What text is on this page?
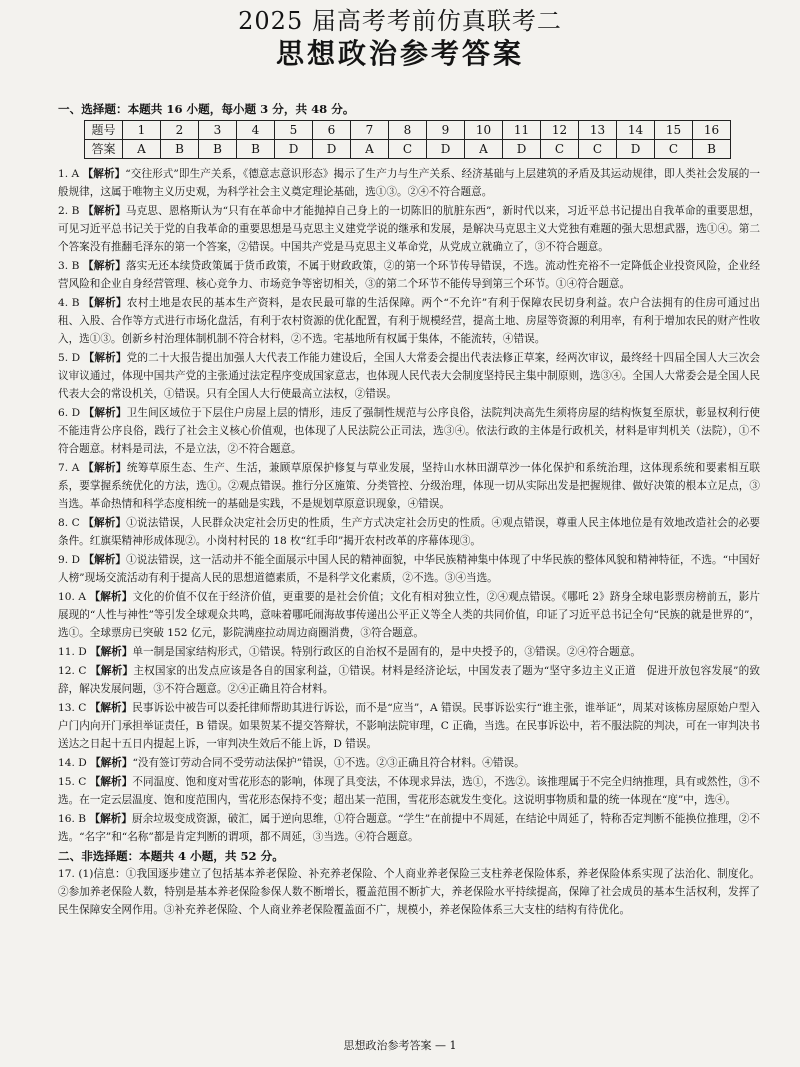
2025 届高考考前仿真联考二
思想政治参考答案

一、选择题：本题共 16 小题，每小题 3 分，共 48 分。

题号	1	2	3	4	5	6	7	8	9	10	11	12	13	14	15	16
答案	A	B	B	B	D	D	A	C	D	A	D	C	C	D	C	B

1. A 【解析】“交往形式”即生产关系，《德意志意识形态》揭示了生产力与生产关系、经济基础与上层建筑的矛盾及其运动规律，即人类社会发展的一般规律，这属于唯物主义历史观，为科学社会主义奠定理论基础，选①③。②④不符合题意。

2. B 【解析】马克思、恩格斯认为“只有在革命中才能抛掉自己身上的一切陈旧的肮脏东西”，新时代以来，习近平总书记提出自我革命的重要思想，可见习近平总书记关于党的自我革命的重要思想是马克思主义建党学说的继承和发展，是解决马克思主义大党独有难题的强大思想武器，选①④。第二个答案没有推翻毛泽东的第一个答案，②错误。中国共产党是马克思主义革命党，从党成立就确立了，③不符合题意。

3. B 【解析】落实无还本续贷政策属于货币政策，不属于财政政策，②的第一个环节传导错误，不选。流动性充裕不一定降低企业投资风险，企业经营风险和企业自身经营管理、核心竞争力、市场竞争等密切相关，③的第二个环节不能传导到第三个环节。①④符合题意。

4. B 【解析】农村土地是农民的基本生产资料，是农民最可靠的生活保障。两个“不允许”有利于保障农民切身利益。农户合法拥有的住房可通过出租、入股、合作等方式进行市场化盘活，有利于农村资源的优化配置，有利于规模经营，提高土地、房屋等资源的利用率，有利于增加农民的财产性收入，选①③。创新乡村治理体制机制不符合材料，②不选。宅基地所有权属于集体，不能流转，④错误。

5. D 【解析】党的二十大报告提出加强人大代表工作能力建设后，全国人大常委会提出代表法修正草案，经两次审议，最终经十四届全国人大三次会议审议通过，体现中国共产党的主张通过法定程序变成国家意志，也体现人民代表大会制度坚持民主集中制原则，选③④。全国人大常委会是全国人民代表大会的常设机关，①错误。只有全国人大行使最高立法权，②错误。

6. D 【解析】卫生间区域位于下层住户房屋上层的情形，违反了强制性规范与公序良俗，法院判决高先生须将房屋的结构恢复至原状，彰显权利行使不能违背公序良俗，践行了社会主义核心价值观，也体现了人民法院公正司法，选③④。依法行政的主体是行政机关，材料是审判机关（法院），①不符合题意。材料是司法，不是立法，②不符合题意。

7. A 【解析】统筹草原生态、生产、生活，兼顾草原保护修复与草业发展，坚持山水林田湖草沙一体化保护和系统治理，这体现系统和要素相互联系，要掌握系统优化的方法，选①。②观点错误。推行分区施策、分类管控、分级治理，体现一切从实际出发是把握规律、做好决策的根本立足点，③当选。革命热情和科学态度相统一的基础是实践，不是规划草原意识现象，④错误。

8. C 【解析】①说法错误，人民群众决定社会历史的性质，生产方式决定社会历史的性质。④观点错误，尊重人民主体地位是有效地改造社会的必要条件。红旗渠精神形成体现②。小岗村村民的 18 枚“红手印”揭开农村改革的序幕体现③。

9. D 【解析】①说法错误，这一活动并不能全面展示中国人民的精神面貌，中华民族精神集中体现了中华民族的整体风貌和精神特征，不选。“中国好人榜”现场交流活动有利于提高人民的思想道德素质，不是科学文化素质，②不选。③④当选。

10. A 【解析】文化的价值不仅在于经济价值，更重要的是社会价值；文化有相对独立性，②④观点错误。《哪吒 2》跻身全球电影票房榜前五，影片展现的“人性与神性”等引发全球观众共鸣，意味着哪吒闹海故事传递出公平正义等全人类的共同价值，印证了习近平总书记全句“民族的就是世界的”，选①。全球票房已突破 152 亿元，影院满座拉动周边商圈消费，③符合题意。

11. D 【解析】单一制是国家结构形式，①错误。特别行政区的自治权不是固有的，是中央授予的，③错误。②④符合题意。

12. C 【解析】主权国家的出发点应该是各自的国家利益，①错误。材料是经济论坛，中国发表了题为“坚守多边主义正道　促进开放包容发展”的致辞，解决发展问题，③不符合题意。②④正确且符合材料。

13. C 【解析】民事诉讼中被告可以委托律师帮助其进行诉讼，而不是“应当”，A 错误。民事诉讼实行“谁主张，谁举证”，周某对该栋房屋原始户型入户门内向开门承担举证责任，B 错误。如果贺某不提交答辩状，不影响法院审理，C 正确，当选。在民事诉讼中，若不服法院的判决，可在一审判决书送达之日起十五日内提起上诉，一审判决生效后不能上诉，D 错误。

14. D 【解析】“没有签订劳动合同不受劳动法保护”错误，①不选。②③正确且符合材料。④错误。

15. C 【解析】不同温度、饱和度对雪花形态的影响，体现了具变法，不体现求异法，选①，不选②。该推理属于不完全归纳推理，具有或然性，③不选。在一定云层温度、饱和度范围内，雪花形态保持不变；超出某一范围，雪花形态就发生变化。这说明事物质和量的统一体现在“度”中，选④。

16. B 【解析】厨余垃圾变成资源，破汇，属于逆向思维，①符合题意。“学生”在前提中不周延，在结论中周延了，特称否定判断不能换位推理，②不选。“名字”和“名称”都是肯定判断的谓项，都不周延，③当选。④符合题意。

二、非选择题：本题共 4 小题，共 52 分。

17. (1)信息：①我国逐步建立了包括基本养老保险、补充养老保险、个人商业养老保险三支柱养老保险体系，养老保险体系实现了法治化、制度化。②参加养老保险人数，特别是基本养老保险参保人数不断增长，覆盖范围不断扩大，养老保险水平持续提高，保障了社会成员的基本生活权利，发挥了民生保障安全网作用。③补充养老保险、个人商业养老保险覆盖面不广，规模小，养老保险体系三大支柱的结构有待优化。

思想政治参考答案 — 1
